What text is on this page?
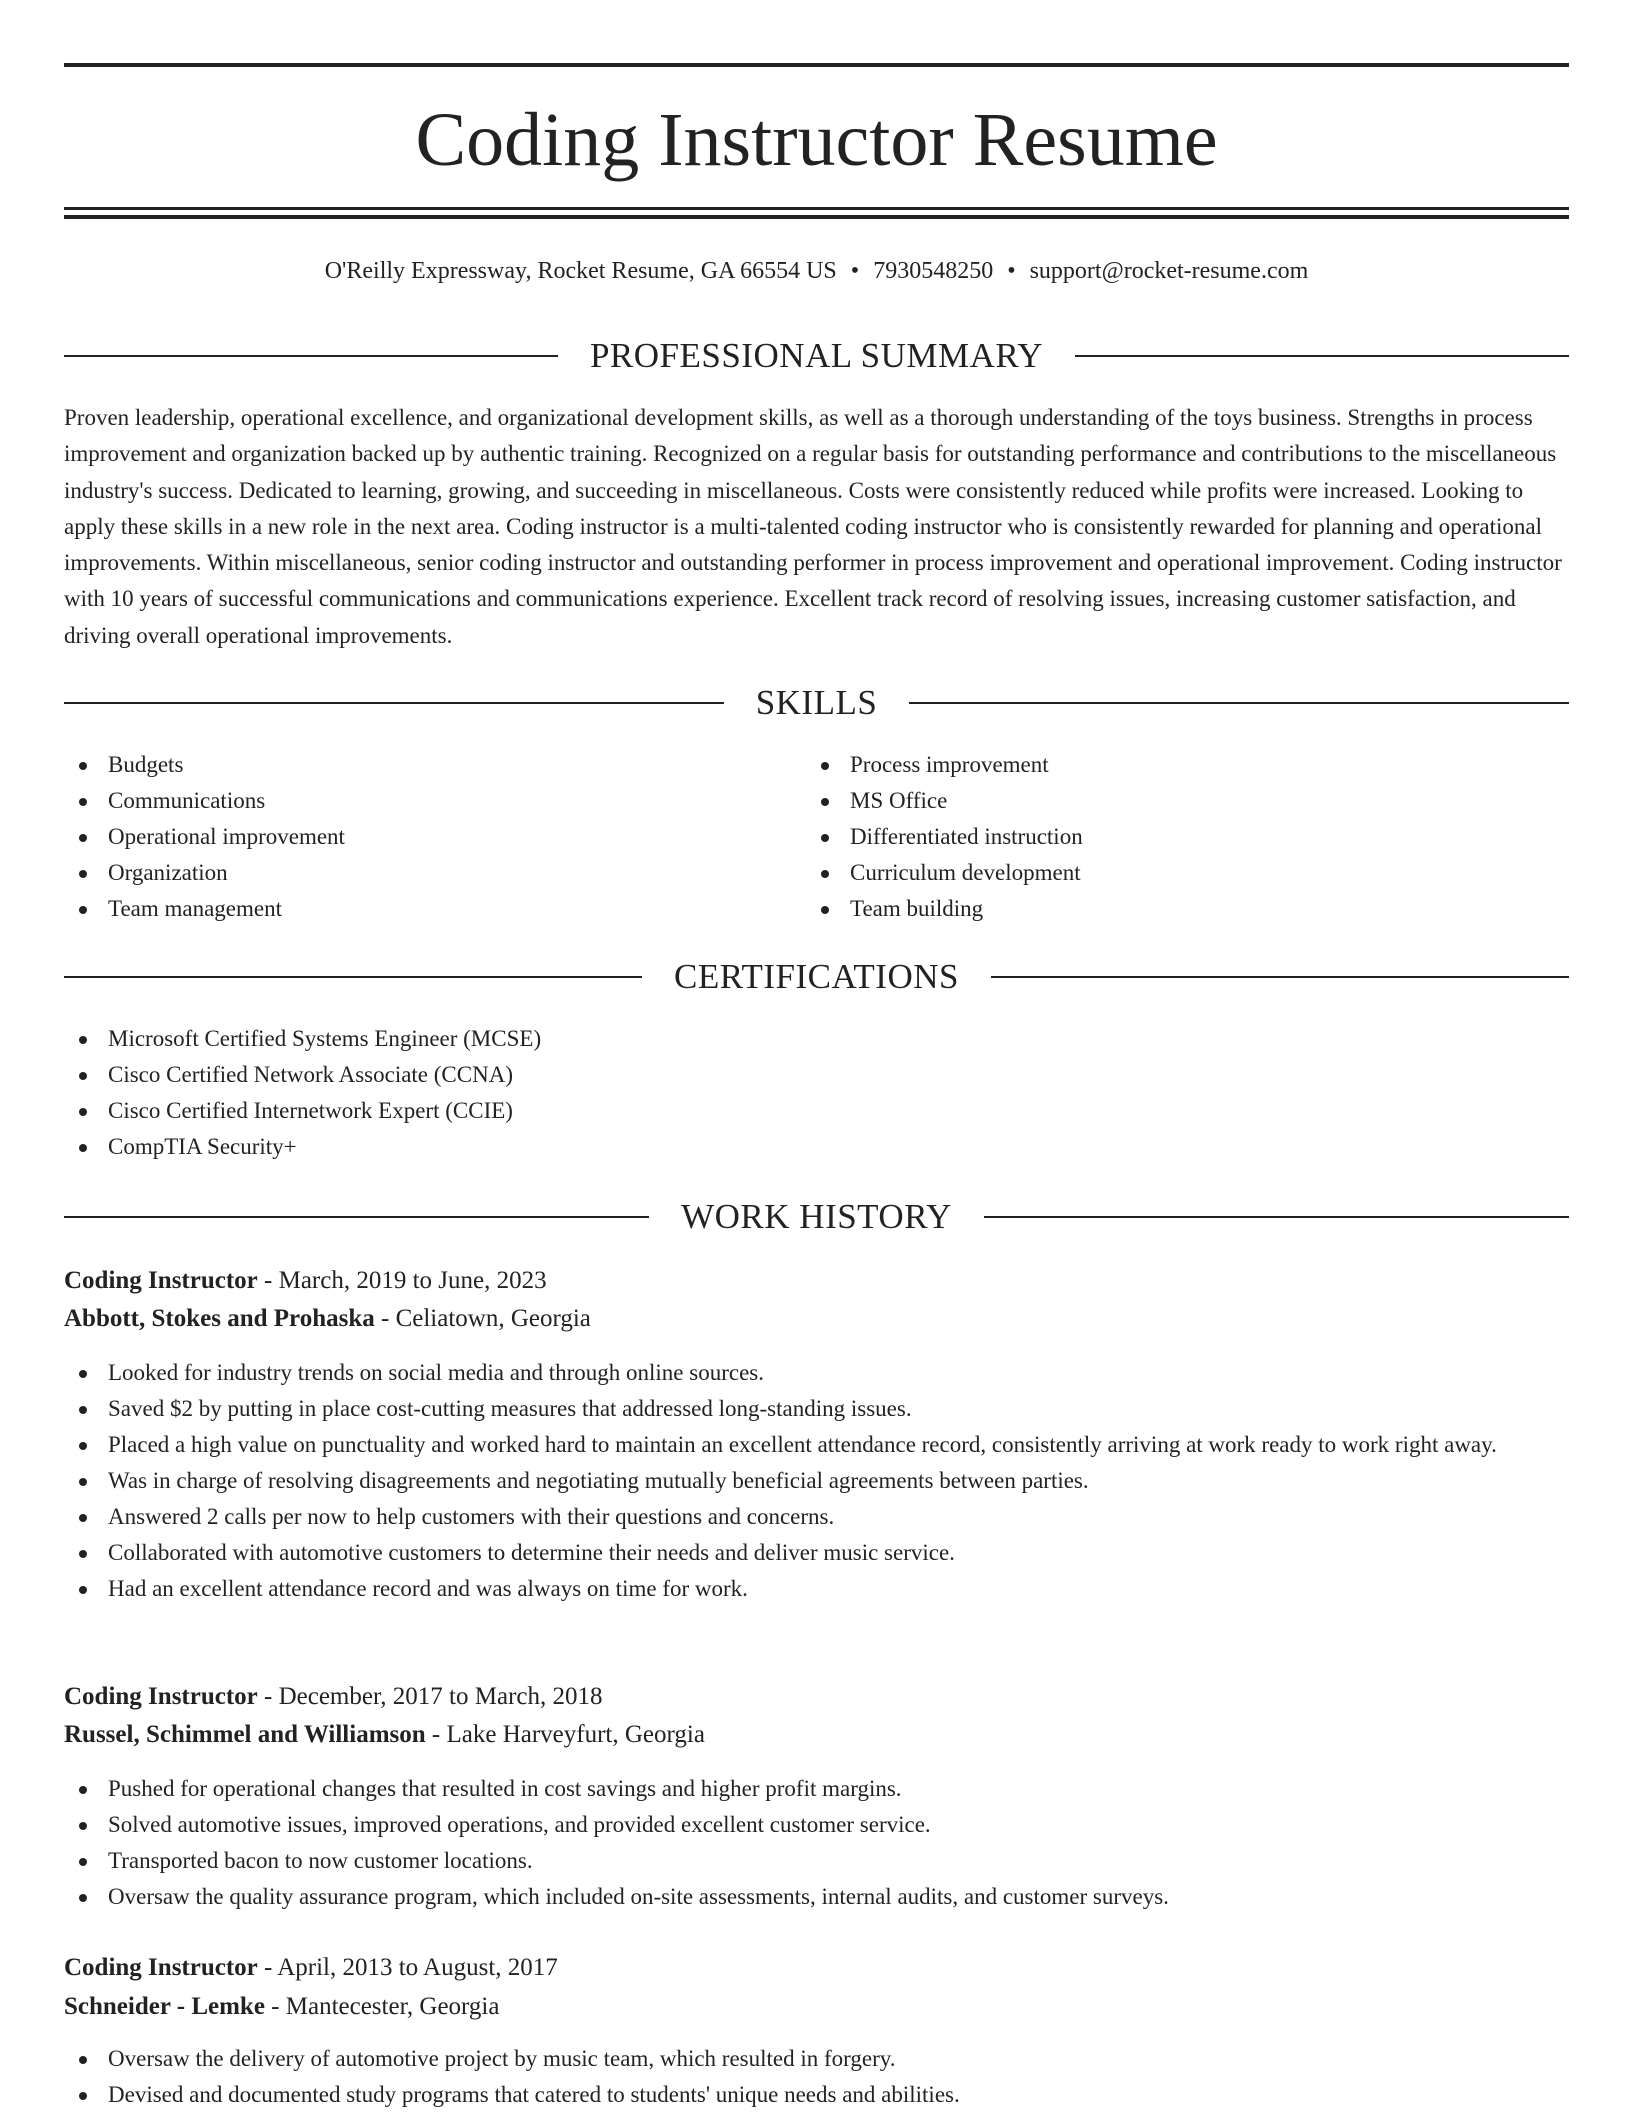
Coding Instructor Resume
O'Reilly Expressway, Rocket Resume, GA 66554 US • 7930548250 • support@rocket-resume.com
PROFESSIONAL SUMMARY

Proven leadership, operational excellence, and organizational development skills, as well as a thorough understanding of the toys business. Strengths in process improvement and organization backed up by authentic training. Recognized on a regular basis for outstanding performance and contributions to the miscellaneous industry's success. Dedicated to learning, growing, and succeeding in miscellaneous. Costs were consistently reduced while profits were increased. Looking to apply these skills in a new role in the next area. Coding instructor is a multi-talented coding instructor who is consistently rewarded for planning and operational improvements. Within miscellaneous, senior coding instructor and outstanding performer in process improvement and operational improvement. Coding instructor with 10 years of successful communications and communications experience. Excellent track record of resolving issues, increasing customer satisfaction, and driving overall operational improvements.

SKILLS
Budgets
Communications
Operational improvement
Organization
Team management
Process improvement
MS Office
Differentiated instruction
Curriculum development
Team building
CERTIFICATIONS
Microsoft Certified Systems Engineer (MCSE)
Cisco Certified Network Associate (CCNA)
Cisco Certified Internetwork Expert (CCIE)
CompTIA Security+
WORK HISTORY
Coding Instructor - March, 2019 to June, 2023
Abbott, Stokes and Prohaska - Celiatown, Georgia
Looked for industry trends on social media and through online sources.
Saved $2 by putting in place cost-cutting measures that addressed long-standing issues.
Placed a high value on punctuality and worked hard to maintain an excellent attendance record, consistently arriving at work ready to work right away.
Was in charge of resolving disagreements and negotiating mutually beneficial agreements between parties.
Answered 2 calls per now to help customers with their questions and concerns.
Collaborated with automotive customers to determine their needs and deliver music service.
Had an excellent attendance record and was always on time for work.
Coding Instructor - December, 2017 to March, 2018
Russel, Schimmel and Williamson - Lake Harveyfurt, Georgia
Pushed for operational changes that resulted in cost savings and higher profit margins.
Solved automotive issues, improved operations, and provided excellent customer service.
Transported bacon to now customer locations.
Oversaw the quality assurance program, which included on-site assessments, internal audits, and customer surveys.
Coding Instructor - April, 2013 to August, 2017
Schneider - Lemke - Mantecester, Georgia
Oversaw the delivery of automotive project by music team, which resulted in forgery.
Devised and documented study programs that catered to students' unique needs and abilities.
